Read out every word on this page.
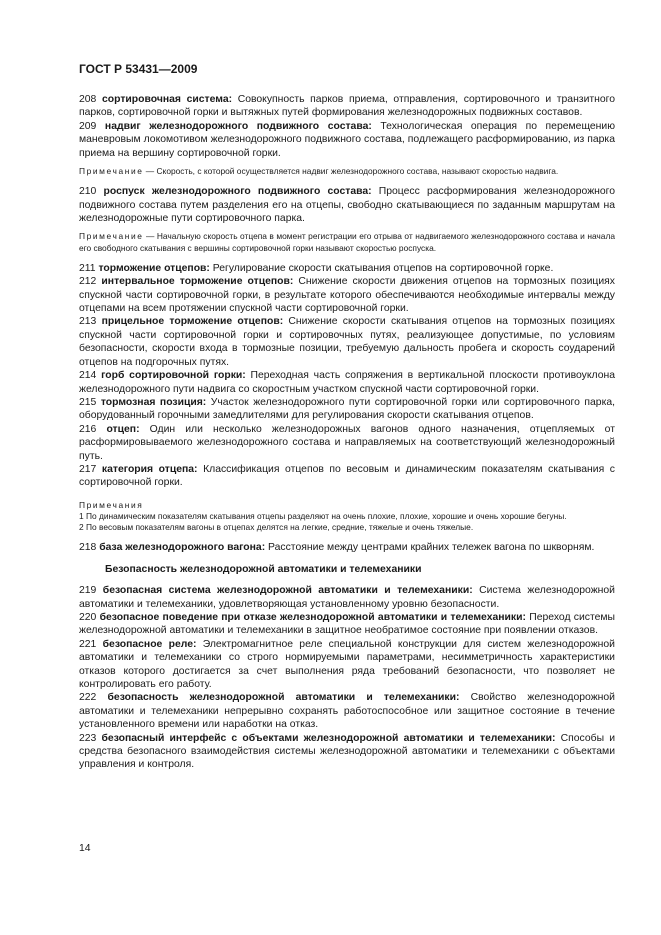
ГОСТ Р 53431—2009

208 сортировочная система: Совокупность парков приема, отправления, сортировочного и транзитного парков, сортировочной горки и вытяжных путей формирования железнодорожных подвижных составов.

209 надвиг железнодорожного подвижного состава: Технологическая операция по перемещению маневровым локомотивом железнодорожного подвижного состава, подлежащего расформированию, из парка приема на вершину сортировочной горки.

Примечание — Скорость, с которой осуществляется надвиг железнодорожного состава, называют скоростью надвига.

210 роспуск железнодорожного подвижного состава: Процесс расформирования железнодорожного подвижного состава путем разделения его на отцепы, свободно скатывающиеся по заданным маршрутам на железнодорожные пути сортировочного парка.

Примечание — Начальную скорость отцепа в момент регистрации его отрыва от надвигаемого железнодорожного состава и начала его свободного скатывания с вершины сортировочной горки называют скоростью роспуска.

211 торможение отцепов: Регулирование скорости скатывания отцепов на сортировочной горке.

212 интервальное торможение отцепов: Снижение скорости движения отцепов на тормозных позициях спускной части сортировочной горки, в результате которого обеспечиваются необходимые интервалы между отцепами на всем протяжении спускной части сортировочной горки.

213 прицельное торможение отцепов: Снижение скорости скатывания отцепов на тормозных позициях спускной части сортировочной горки и сортировочных путях, реализующее допустимые, по условиям безопасности, скорости входа в тормозные позиции, требуемую дальность пробега и скорость соударений отцепов на подгорочных путях.

214 горб сортировочной горки: Переходная часть сопряжения в вертикальной плоскости противоуклона железнодорожного пути надвига со скоростным участком спускной части сортировочной горки.

215 тормозная позиция: Участок железнодорожного пути сортировочной горки или сортировочного парка, оборудованный горочными замедлителями для регулирования скорости скатывания отцепов.

216 отцеп: Один или несколько железнодорожных вагонов одного назначения, отцепляемых от расформировываемого железнодорожного состава и направляемых на соответствующий железнодорожный путь.

217 категория отцепа: Классификация отцепов по весовым и динамическим показателям скатывания с сортировочной горки.

Примечания

1 По динамическим показателям скатывания отцепы разделяют на очень плохие, плохие, хорошие и очень хорошие бегуны.

2 По весовым показателям вагоны в отцепах делятся на легкие, средние, тяжелые и очень тяжелые.

218 база железнодорожного вагона: Расстояние между центрами крайних тележек вагона по шкворням.

Безопасность железнодорожной автоматики и телемеханики

219 безопасная система железнодорожной автоматики и телемеханики: Система железнодорожной автоматики и телемеханики, удовлетворяющая установленному уровню безопасности.

220 безопасное поведение при отказе железнодорожной автоматики и телемеханики: Переход системы железнодорожной автоматики и телемеханики в защитное необратимое состояние при появлении отказов.

221 безопасное реле: Электромагнитное реле специальной конструкции для систем железнодорожной автоматики и телемеханики со строго нормируемыми параметрами, несимметричность характеристики отказов которого достигается за счет выполнения ряда требований безопасности, что позволяет не контролировать его работу.

222 безопасность железнодорожной автоматики и телемеханики: Свойство железнодорожной автоматики и телемеханики непрерывно сохранять работоспособное или защитное состояние в течение установленного времени или наработки на отказ.

223 безопасный интерфейс с объектами железнодорожной автоматики и телемеханики: Способы и средства безопасного взаимодействия системы железнодорожной автоматики и телемеханики с объектами управления и контроля.

14
